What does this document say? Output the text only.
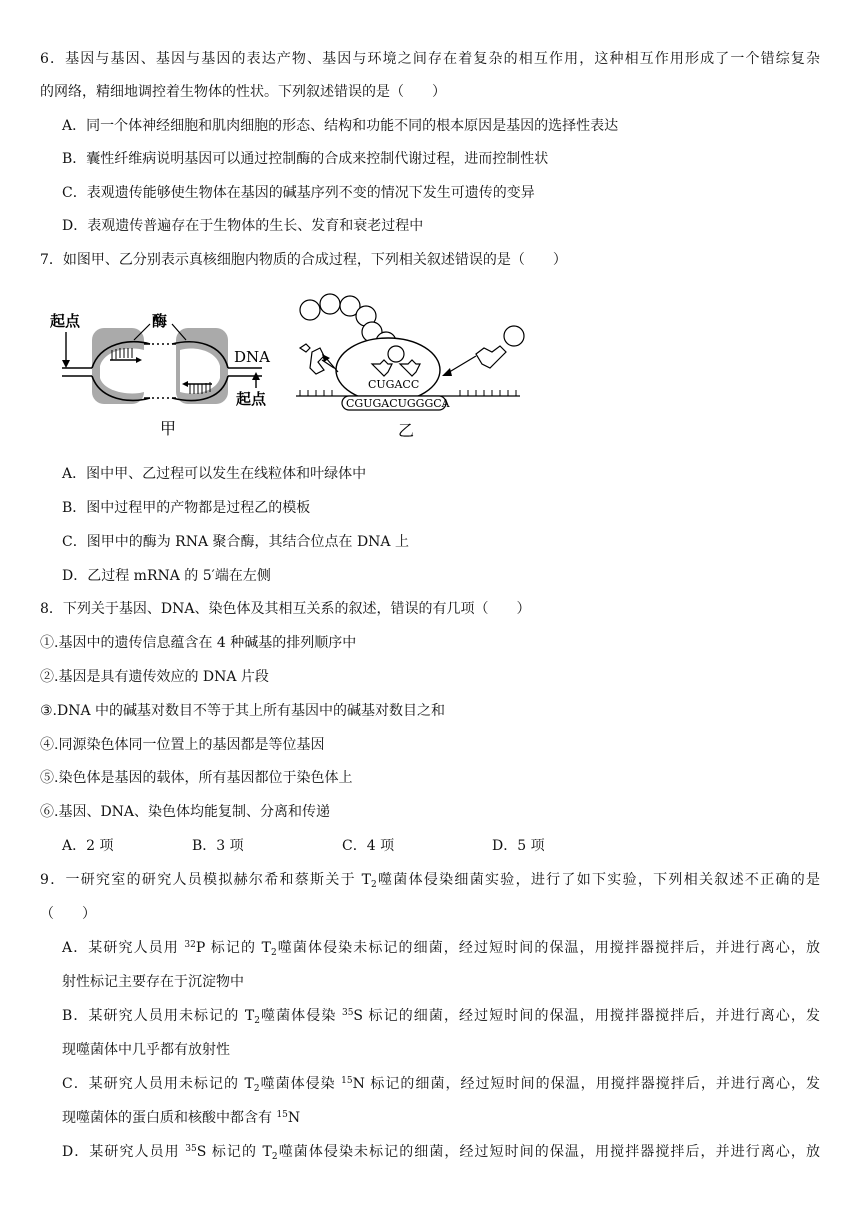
6．基因与基因、基因与基因的表达产物、基因与环境之间存在着复杂的相互作用，这种相互作用形成了一个错综复杂
的网络，精细地调控着生物体的性状。下列叙述错误的是（　　）
A．同一个体神经细胞和肌肉细胞的形态、结构和功能不同的根本原因是基因的选择性表达
B．囊性纤维病说明基因可以通过控制酶的合成来控制代谢过程，进而控制性状
C．表观遗传能够使生物体在基因的碱基序列不变的情况下发生可遗传的变异
D．表观遗传普遍存在于生物体的生长、发育和衰老过程中
7．如图甲、乙分别表示真核细胞内物质的合成过程，下列相关叙述错误的是（　　）
起点	酶
DNA
起点
甲
CUGACC
CGUGACUGGGCA
乙
A．图中甲、乙过程可以发生在线粒体和叶绿体中
B．图中过程甲的产物都是过程乙的模板
C．图甲中的酶为 RNA 聚合酶，其结合位点在 DNA 上
D．乙过程 mRNA 的 5′端在左侧
8．下列关于基因、DNA、染色体及其相互关系的叙述，错误的有几项（　　）
①.基因中的遗传信息蕴含在 4 种碱基的排列顺序中
②.基因是具有遗传效应的 DNA 片段
③.DNA 中的碱基对数目不等于其上所有基因中的碱基对数目之和
④.同源染色体同一位置上的基因都是等位基因
⑤.染色体是基因的载体，所有基因都位于染色体上
⑥.基因、DNA、染色体均能复制、分离和传递
A．2 项	B．3 项	C．4 项	D．5 项
9．一研究室的研究人员模拟赫尔希和蔡斯关于 $T_2$噬菌体侵染细菌实验，进行了如下实验，下列相关叙述不正确的是
（　　）
A．某研究人员用 $^{32}$P 标记的 $T_2$噬菌体侵染未标记的细菌，经过短时间的保温，用搅拌器搅拌后，并进行离心，放
射性标记主要存在于沉淀物中
B．某研究人员用未标记的 $T_2$噬菌体侵染 $^{35}$S 标记的细菌，经过短时间的保温，用搅拌器搅拌后，并进行离心，发
现噬菌体中几乎都有放射性
C．某研究人员用未标记的 $T_2$噬菌体侵染 $^{15}$N 标记的细菌，经过短时间的保温，用搅拌器搅拌后，并进行离心，发
现噬菌体的蛋白质和核酸中都含有 $^{15}$N
D．某研究人员用 $^{35}$S 标记的 $T_2$噬菌体侵染未标记的细菌，经过短时间的保温，用搅拌器搅拌后，并进行离心，放
